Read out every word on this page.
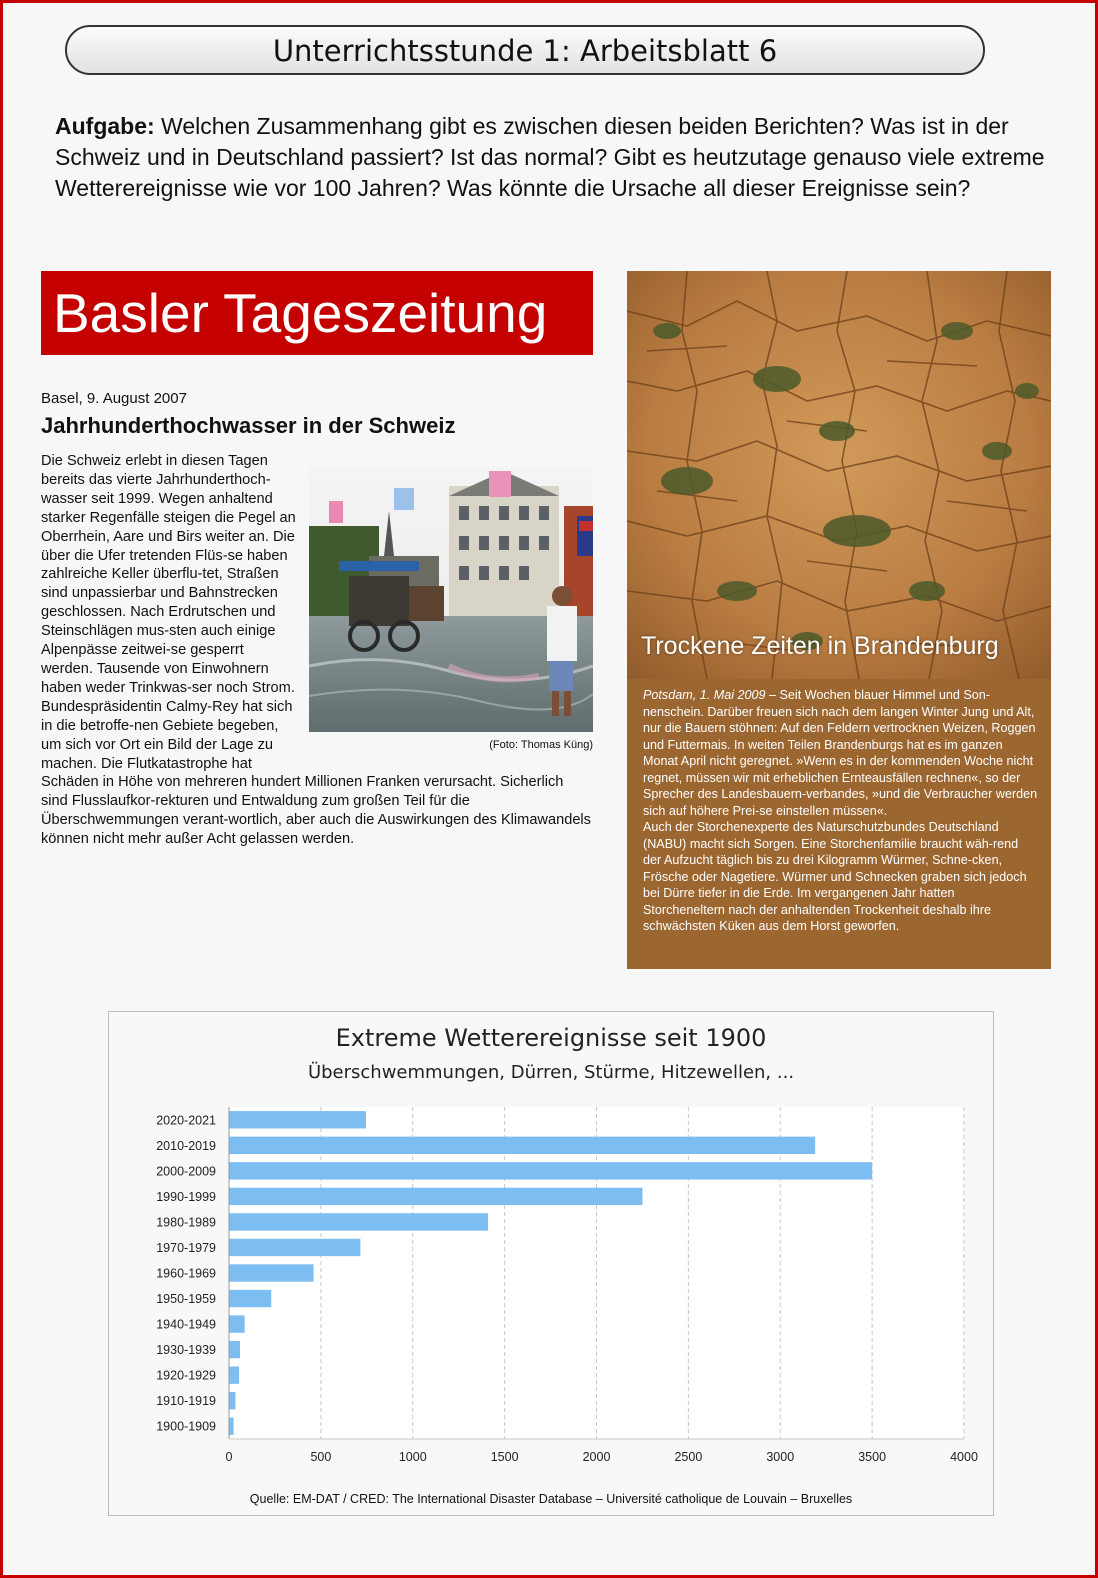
Unterrichtsstunde 1: Arbeitsblatt 6
Aufgabe: Welchen Zusammenhang gibt es zwischen diesen beiden Berichten? Was ist in der Schweiz und in Deutschland passiert? Ist das normal? Gibt es heutzutage genauso viele extreme Wetterereignisse wie vor 100 Jahren? Was könnte die Ursache all dieser Ereignisse sein?
Basler Tageszeitung
Basel, 9. August 2007
Jahrhunderthochwasser in der Schweiz
(Foto: Thomas Küng)
Die Schweiz erlebt in diesen Tagen bereits das vierte Jahrhunderthoch-wasser seit 1999. Wegen anhaltend starker Regenfälle steigen die Pegel an Oberrhein, Aare und Birs weiter an. Die über die Ufer tretenden Flüs-se haben zahlreiche Keller überflu-tet, Straßen sind unpassierbar und Bahnstrecken geschlossen. Nach Erdrutschen und Steinschlägen mus-sten auch einige Alpenpässe zeitwei-se gesperrt werden. Tausende von Einwohnern haben weder Trinkwas-ser noch Strom. Bundespräsidentin Calmy-Rey hat sich in die betroffe-nen Gebiete begeben, um sich vor Ort ein Bild der Lage zu machen. Die Flutkatastrophe hat Schäden in Höhe von mehreren hundert Millionen Franken verursacht. Sicherlich sind Flusslaufkor-rekturen und Entwaldung zum großen Teil für die Überschwemmungen verant-wortlich, aber auch die Auswirkungen des Klimawandels können nicht mehr außer Acht gelassen werden.
Trockene Zeiten in Brandenburg
Potsdam, 1. Mai 2009 – Seit Wochen blauer Himmel und Son-nenschein. Darüber freuen sich nach dem langen Winter Jung und Alt, nur die Bauern stöhnen: Auf den Feldern vertrocknen Weizen, Roggen und Futtermais. In weiten Teilen Brandenburgs hat es im ganzen Monat April nicht geregnet. »Wenn es in der kommenden Woche nicht regnet, müssen wir mit erheblichen Ernteausfällen rechnen«, so der Sprecher des Landesbauern-verbandes, »und die Verbraucher werden sich auf höhere Prei-se einstellen müssen«.
Auch der Storchenexperte des Naturschutzbundes Deutschland (NABU) macht sich Sorgen. Eine Storchenfamilie braucht wäh-rend der Aufzucht täglich bis zu drei Kilogramm Würmer, Schne-cken, Frösche oder Nagetiere. Würmer und Schnecken graben sich jedoch bei Dürre tiefer in die Erde. Im vergangenen Jahr hatten Storcheneltern nach der anhaltenden Trockenheit deshalb ihre schwächsten Küken aus dem Horst geworfen.
Extreme Wetterereignisse seit 1900
Überschwemmungen, Dürren, Stürme, Hitzewellen, ...
0	500	1000	1500	2000	2500	3000	3500	4000
2020-2021
2010-2019
2000-2009
1990-1999
1980-1989
1970-1979
1960-1969
1950-1959
1940-1949
1930-1939
1920-1929
1910-1919
1900-1909
Quelle: EM-DAT / CRED: The International Disaster Database – Université catholique de Louvain – Bruxelles
